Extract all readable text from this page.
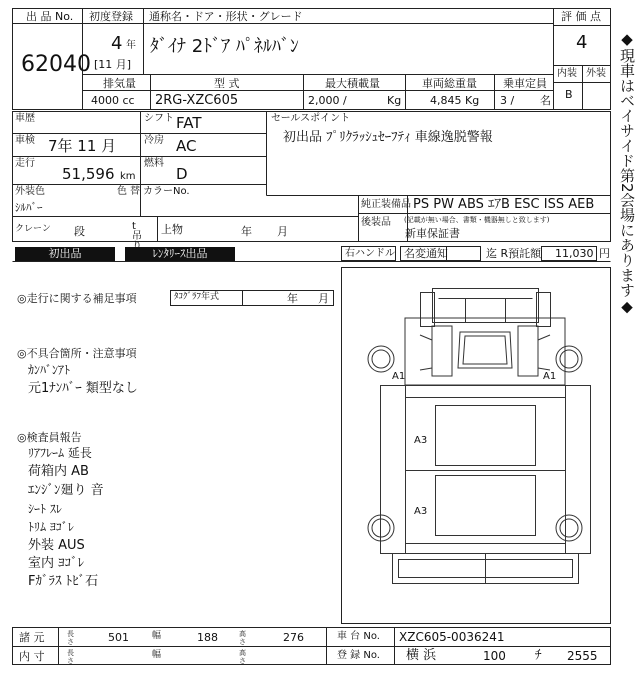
出 品 No.
62040
初度登録
4 年
[11 月]
通称名・ドア・形状・グレード
ﾀﾞｲﾅ 2ﾄﾞｱ ﾊﾟﾈﾙﾊﾞﾝ
評 価 点
4
内装 外装
B
排気量
4000 cc
型 式
2RG-XZC605
最大積載量
2,000 /	Kg
車両総重量
4,845 Kg
乗車定員
3 / 名
車歴	シフト FAT
車検 7年 11 月	冷房 AC
走行
51,596 km
燃料
D
外装色
ｼﾙﾊﾞｰ
色 替 カラーNo.
クレーン 段	t 吊
上物	年 月
セールスポイント
初出品 ﾌﾟﾘｸﾗｯｼｭｾｰﾌﾃｨ 車線逸脱警報
純正装備品 PS PW ABS ｴｱB ESC ISS AEB
後装品 (記載が無い場合、書類・機器無しと致します)
新車保証書
初出品	ﾚﾝﾀﾘｰｽ出品	右ハンドル 名変通知	迄 R預託額 11,030 円
◎走行に関する補足事項	ﾀｺｸﾞﾗﾌ年式	年 月
◎不具合箇所・注意事項
ｶﾝﾊﾞﾝｱﾄ
元1ﾅﾝﾊﾞｰ 類型なし
◎検査員報告
ﾘｱﾌﾚｰﾑ 延長
荷箱内 AB
ｴﾝｼﾞﾝ廻り 音
ｼｰﾄ ｽﾚ
ﾄﾘﾑ ﾖｺﾞﾚ
外装 AUS
室内 ﾖｺﾞﾚ
Fｶﾞﾗｽ ﾄﾋﾞ石
A1	A1
A3
A3
◆現車はベイサイド第2会場にあります◆
諸 元
内 寸
長さ	501	幅	188	高さ	276
長さ
幅	高さ
車 台 No. XZC605-0036241
登 録 No. 横 浜	100 ﾁ 2555
